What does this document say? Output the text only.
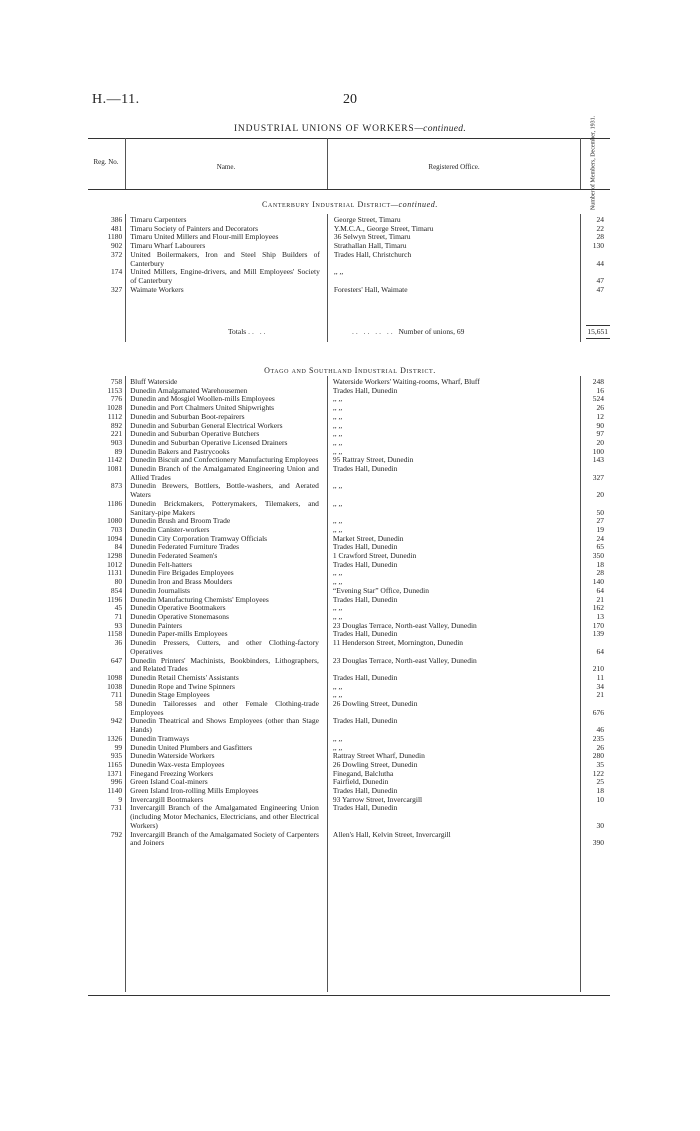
H.—11.	20
INDUSTRIAL UNIONS OF WORKERS—continued.
Reg. No.
Name.	Registered Office.	Number of Members, December, 1931.
Canterbury Industrial District—continued.
386	Timaru Carpenters	George Street, Timaru	24
481	Timaru Society of Painters and Decorators	Y.M.C.A., George Street, Timaru	22
1180	Timaru United Millers and Flour-mill Employees	36 Selwyn Street, Timaru	28
902	Timaru Wharf Labourers	Strathallan Hall, Timaru	130
372	United Boilermakers, Iron and Steel Ship Builders of Canterbury	Trades Hall, Christchurch	44
174	United Millers, Engine-drivers, and Mill Employees' Society of Canterbury	,, ,,	47
327	Waimate Workers	Foresters' Hall, Waimate	47
Totals .. ..	.. .. .. .. Number of unions, 69	15,651
Otago and Southland Industrial District.
758	Bluff Waterside	Waterside Workers' Waiting-rooms, Wharf, Bluff	248
1153	Dunedin Amalgamated Warehousemen	Trades Hall, Dunedin	16
776	Dunedin and Mosgiel Woollen-mills Employees	,, ,,	524
1028	Dunedin and Port Chalmers United Shipwrights	,, ,,	26
1112	Dunedin and Suburban Boot-repairers	,, ,,	12
892	Dunedin and Suburban General Electrical Workers	,, ,,	90
221	Dunedin and Suburban Operative Butchers	,, ,,	97
903	Dunedin and Suburban Operative Licensed Drainers	,, ,,	20
89	Dunedin Bakers and Pastrycooks	,, ,,	100
1142	Dunedin Biscuit and Confectionery Manufacturing Employees	95 Rattray Street, Dunedin	143
1081	Dunedin Branch of the Amalgamated Engineering Union and Allied Trades	Trades Hall, Dunedin	327
873	Dunedin Brewers, Bottlers, Bottle-washers, and Aerated Waters	,, ,,	20
1186	Dunedin Brickmakers, Potterymakers, Tilemakers, and Sanitary-pipe Makers	,, ,,	50
1080	Dunedin Brush and Broom Trade	,, ,,	27
703	Dunedin Canister-workers	,, ,,	19
1094	Dunedin City Corporation Tramway Officials	Market Street, Dunedin	24
84	Dunedin Federated Furniture Trades	Trades Hall, Dunedin	65
1298	Dunedin Federated Seamen's	1 Crawford Street, Dunedin	350
1012	Dunedin Felt-hatters	Trades Hall, Dunedin	18
1131	Dunedin Fire Brigades Employees	,, ,,	28
80	Dunedin Iron and Brass Moulders	,, ,,	140
854	Dunedin Journalists	“Evening Star” Office, Dunedin	64
1196	Dunedin Manufacturing Chemists' Employees	Trades Hall, Dunedin	21
45	Dunedin Operative Bootmakers	,, ,,	162
71	Dunedin Operative Stonemasons	,, ,,	13
93	Dunedin Painters	23 Douglas Terrace, North-east Valley, Dunedin	170
1158	Dunedin Paper-mills Employees	Trades Hall, Dunedin	139
36	Dunedin Pressers, Cutters, and other Clothing-factory Operatives	11 Henderson Street, Mornington, Dunedin	64
647	Dunedin Printers' Machinists, Bookbinders, Lithographers, and Related Trades	23 Douglas Terrace, North-east Valley, Dunedin	210
1098	Dunedin Retail Chemists' Assistants	Trades Hall, Dunedin	11
1038	Dunedin Rope and Twine Spinners	,, ,,	34
711	Dunedin Stage Employees	,, ,,	21
58	Dunedin Tailoresses and other Female Clothing-trade Employees	26 Dowling Street, Dunedin	676
942	Dunedin Theatrical and Shows Employees (other than Stage Hands)	Trades Hall, Dunedin	46
1326	Dunedin Tramways	,, ,,	235
99	Dunedin United Plumbers and Gasfitters	,, ,,	26
935	Dunedin Waterside Workers	Rattray Street Wharf, Dunedin	280
1165	Dunedin Wax-vesta Employees	26 Dowling Street, Dunedin	35
1371	Finegand Freezing Workers	Finegand, Balclutha	122
996	Green Island Coal-miners	Fairfield, Dunedin	25
1140	Green Island Iron-rolling Mills Employees	Trades Hall, Dunedin	18
9	Invercargill Bootmakers	93 Yarrow Street, Invercargill	10
731	Invercargill Branch of the Amalgamated Engineering Union (including Motor Mechanics, Electricians, and other Electrical Workers)	Trades Hall, Dunedin	30
792	Invercargill Branch of the Amalgamated Society of Carpenters and Joiners	Allen's Hall, Kelvin Street, Invercargill	390
